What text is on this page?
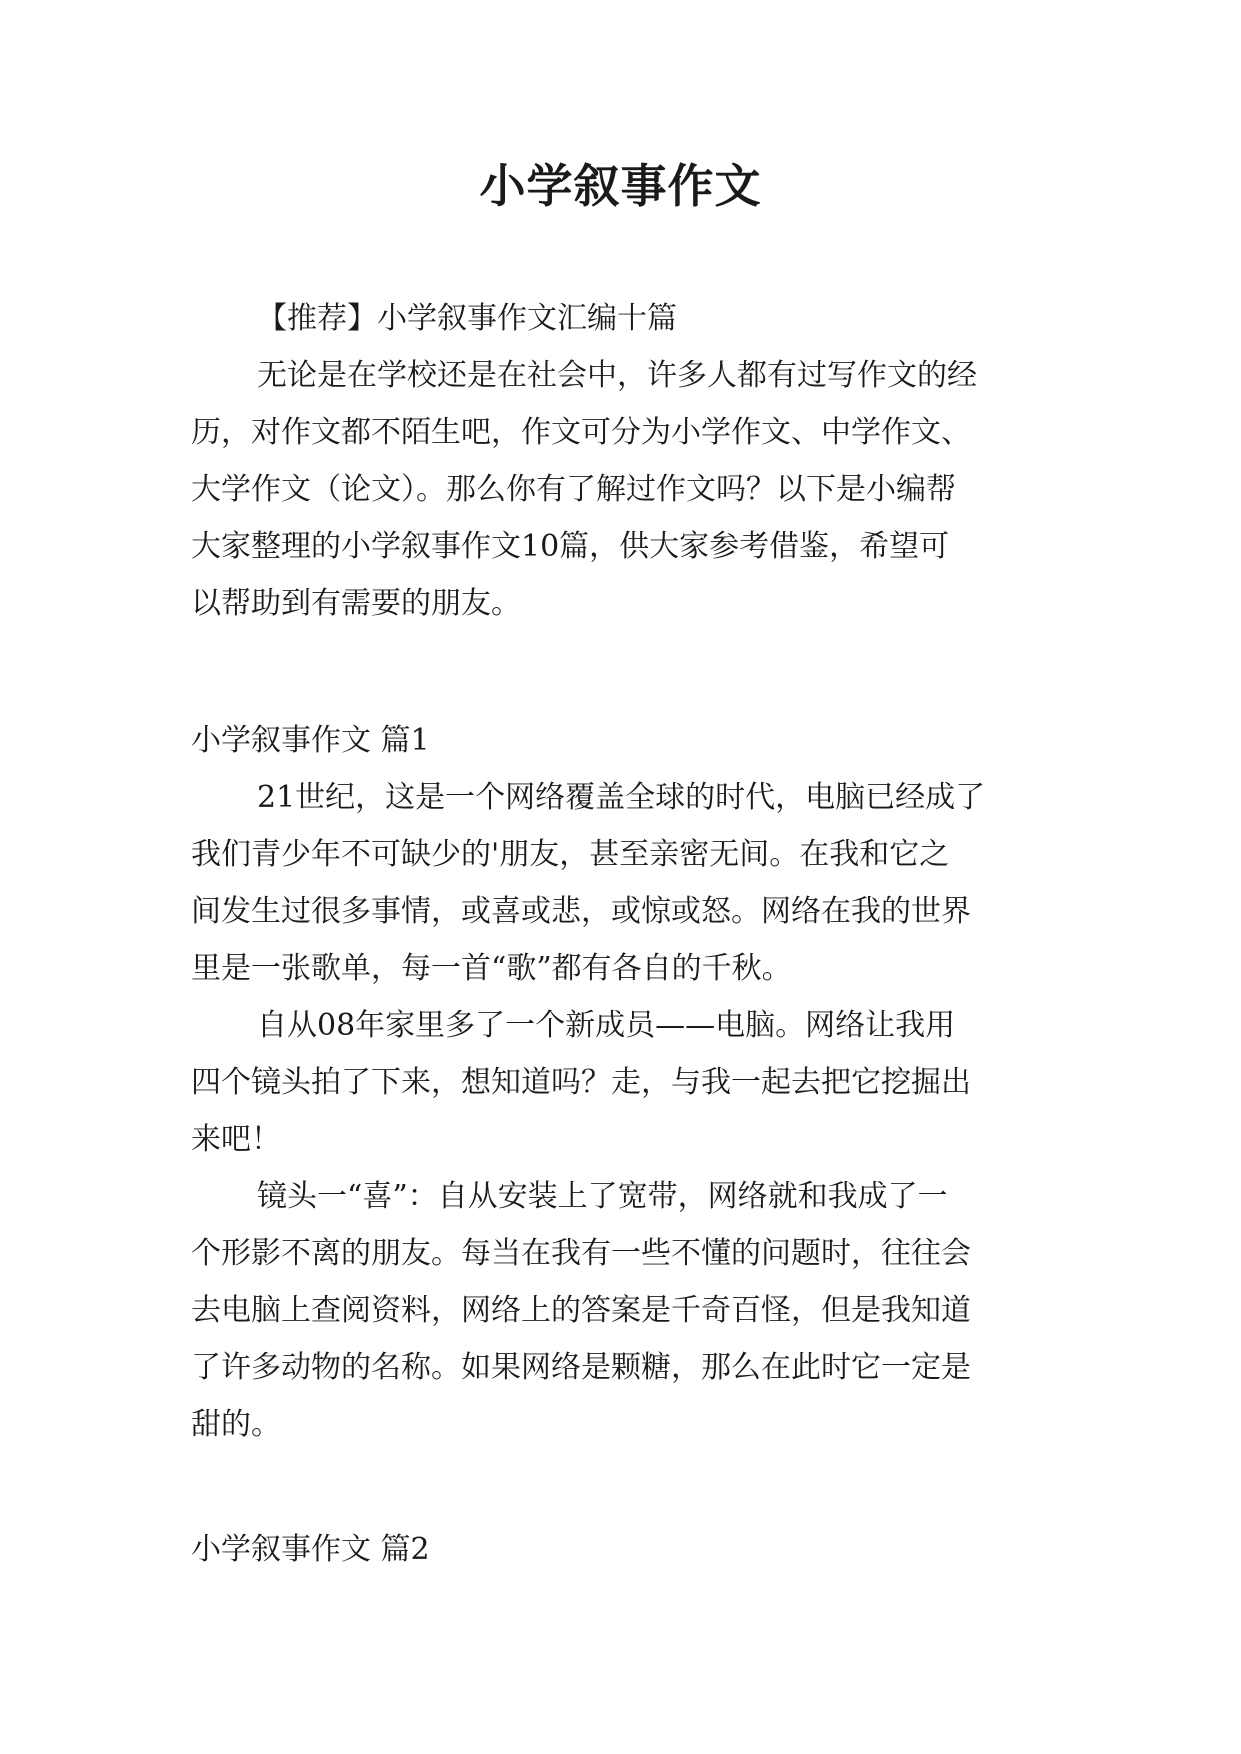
小学叙事作文
【推荐】小学叙事作文汇编十篇
无论是在学校还是在社会中，许多人都有过写作文的经
历，对作文都不陌生吧，作文可分为小学作文、中学作文、
大学作文（论文）。那么你有了解过作文吗？以下是小编帮
大家整理的小学叙事作文10篇，供大家参考借鉴，希望可
以帮助到有需要的朋友。
小学叙事作文 篇1
21世纪，这是一个网络覆盖全球的时代，电脑已经成了
我们青少年不可缺少的'朋友，甚至亲密无间。在我和它之
间发生过很多事情，或喜或悲，或惊或怒。网络在我的世界
里是一张歌单，每一首“歌”都有各自的千秋。
自从08年家里多了一个新成员——电脑。网络让我用
四个镜头拍了下来，想知道吗？走，与我一起去把它挖掘出
来吧！
镜头一“喜”：自从安装上了宽带，网络就和我成了一
个形影不离的朋友。每当在我有一些不懂的问题时，往往会
去电脑上查阅资料，网络上的答案是千奇百怪，但是我知道
了许多动物的名称。如果网络是颗糖，那么在此时它一定是
甜的。
小学叙事作文 篇2
